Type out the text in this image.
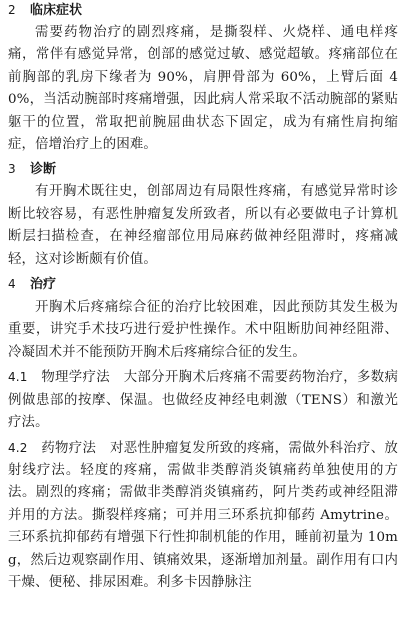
2	临床症状

需要药物治疗的剧烈疼痛，是撕裂样、火烧样、通电样疼痛，常伴有感觉异常，创部的感觉过敏、感觉超敏。疼痛部位在前胸部的乳房下缘者为 90%，肩胛骨部为 60%，上臂后面 40%，当活动腕部时疼痛增强，因此病人常采取不活动腕部的紧贴躯干的位置，常取把前腕屈曲状态下固定，成为有痛性肩拘缩症，倍增治疗上的困难。

3	诊断

有开胸术既往史，创部周边有局限性疼痛，有感觉异常时诊断比较容易，有恶性肿瘤复发所致者，所以有必要做电子计算机断层扫描检查，在神经瘤部位用局麻药做神经阻滞时，疼痛减轻，这对诊断颇有价值。

4	治疗

开胸术后疼痛综合征的治疗比较困难，因此预防其发生极为重要，讲究手术技巧进行爱护性操作。术中阻断肋间神经阻滞、冷凝固术并不能预防开胸术后疼痛综合征的发生。

4.1 物理学疗法 大部分开胸术后疼痛不需要药物治疗，多数病例做患部的按摩、保温。也做经皮神经电刺激（TENS）和激光疗法。

4.2 药物疗法 对恶性肿瘤复发所致的疼痛，需做外科治疗、放射线疗法。轻度的疼痛，需做非类醇消炎镇痛药单独使用的方法。剧烈的疼痛；需做非类醇消炎镇痛药，阿片类药或神经阻滞并用的方法。撕裂样疼痛；可并用三环系抗抑郁药 Amytrine。三环系抗抑郁药有增强下行性抑制机能的作用，睡前初量为 10mg，然后边观察副作用、镇痛效果，逐渐增加剂量。副作用有口内干燥、便秘、排尿困难。利多卡因静脉注
